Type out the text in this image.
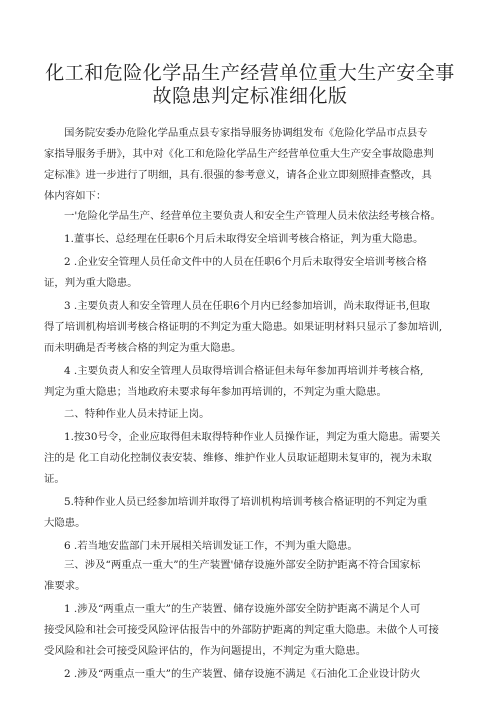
化工和危险化学品生产经营单位重大生产安全事
故隐患判定标准细化版
国务院安委办危险化学品重点县专家指导服务协调组发布《危险化学品市点县专
家指导服务手册》，其中对《化工和危险化学品生产经营单位重大生产安全事故隐患判
定标准》进一步进行了明细，具有.很强的参考意义，请各企业立即刻照排查整改，具
体内容如下：
一'危险化学品生产、经营单位主要负责人和安全生产管理人员未依法经考核合格。
1.董事长、总经理在任职6个月后未取得安全培训考核合格证，判为重大隐患。
2 .企业安全管理人员任命文件中的人员在任职6个月后未取得安全培训考核合格
证，判为重大隐患。
3 .主要负责人和安全管理人员在任职6个月内已经参加培训，尚未取得证书,但取
得了培训机构培训考核合格证明的不判定为重大隐患。如果证明材料只显示了参加培训,
而未明确是否考核合格的判定为重大隐患。
4 .主要负责人和安全管理人员取得培训合格证但未每年参加再培训并考核合格,
判定为重大隐患；当地政府未要求每年参加再培训的，不判定为重大隐患。
二、特种作业人员未持证上岗。
1.按30号令，企业应取得但未取得特种作业人员操作证，判定为重大隐患。需要关
注的是 化工自动化控制仪表安装、维修、维护作业人员取证超期未复审的，视为未取
证。
5.特种作业人员已经参加培训并取得了培训机构培训考核合格证明的不判定为重
大隐患。
6 .若当地安监部门未开展相关培训发证工作，不判为重大隐患。
三、涉及“两重点一重大”的生产装置'储存设施外部安全防护距离不符合国家标
准要求。
1 .涉及“两重点一重大”的生产装置、储存设施外部安全防护距离不满足个人可
接受风险和社会可接受风险评估报告中的外部防护距离的判定重大隐患。未做个人可接
受风险和社会可接受风险评估的，作为问题提出，不判定为重大隐患。
2 .涉及“两重点一重大”的生产装置、储存设施不满足《石油化工企业设计防火
